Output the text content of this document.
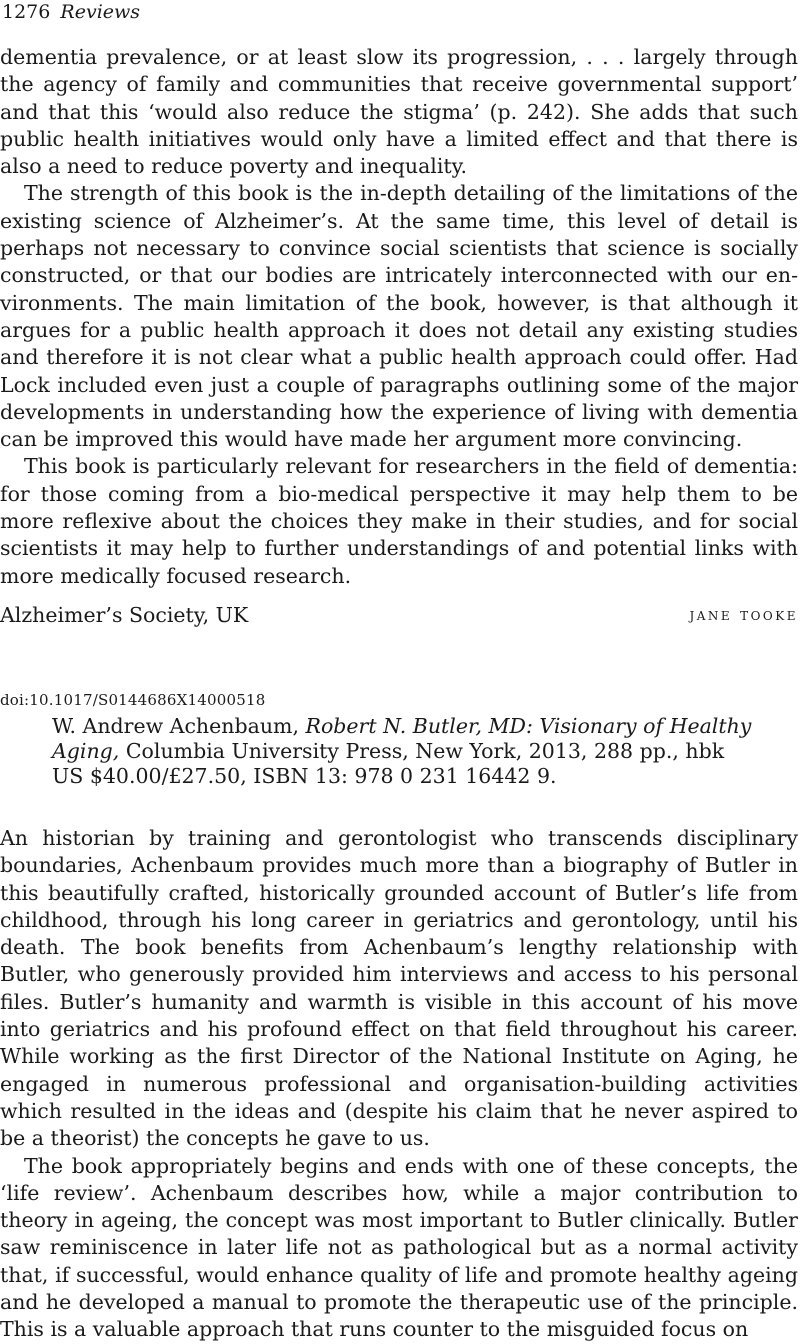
1276 Reviews

dementia prevalence, or at least slow its progression, . . . largely through the agency of family and communities that receive governmental support’ and that this ‘would also reduce the stigma’ (p. 242). She adds that such public health initiatives would only have a limited effect and that there is also a need to reduce poverty and inequality.

The strength of this book is the in-depth detailing of the limitations of the existing science of Alzheimer’s. At the same time, this level of detail is perhaps not necessary to convince social scientists that science is socially constructed, or that our bodies are intricately interconnected with our en-vironments. The main limitation of the book, however, is that although it argues for a public health approach it does not detail any existing studies and therefore it is not clear what a public health approach could offer. Had Lock included even just a couple of paragraphs outlining some of the major developments in understanding how the experience of living with dementia can be improved this would have made her argument more convincing.

This book is particularly relevant for researchers in the field of dementia: for those coming from a bio-medical perspective it may help them to be more reflexive about the choices they make in their studies, and for social scientists it may help to further understandings of and potential links with more medically focused research.

Alzheimer’s Society, UK	jane tooke
doi:10.1017/S0144686X14000518

W. Andrew Achenbaum, Robert N. Butler, MD: Visionary of Healthy

Aging, Columbia University Press, New York, 2013, 288 pp., hbk

US $40.00/£27.50, ISBN 13: 978 0 231 16442 9.

An historian by training and gerontologist who transcends disciplinary boundaries, Achenbaum provides much more than a biography of Butler in this beautifully crafted, historically grounded account of Butler’s life from childhood, through his long career in geriatrics and gerontology, until his death. The book benefits from Achenbaum’s lengthy relationship with Butler, who generously provided him interviews and access to his personal files. Butler’s humanity and warmth is visible in this account of his move into geriatrics and his profound effect on that field throughout his career. While working as the first Director of the National Institute on Aging, he engaged in numerous professional and organisation-building activities which resulted in the ideas and (despite his claim that he never aspired to be a theorist) the concepts he gave to us.

The book appropriately begins and ends with one of these concepts, the ‘life review’. Achenbaum describes how, while a major contribution to theory in ageing, the concept was most important to Butler clinically. Butler saw reminiscence in later life not as pathological but as a normal activity that, if successful, would enhance quality of life and promote healthy ageing and he developed a manual to promote the therapeutic use of the principle. This is a valuable approach that runs counter to the misguided focus on
